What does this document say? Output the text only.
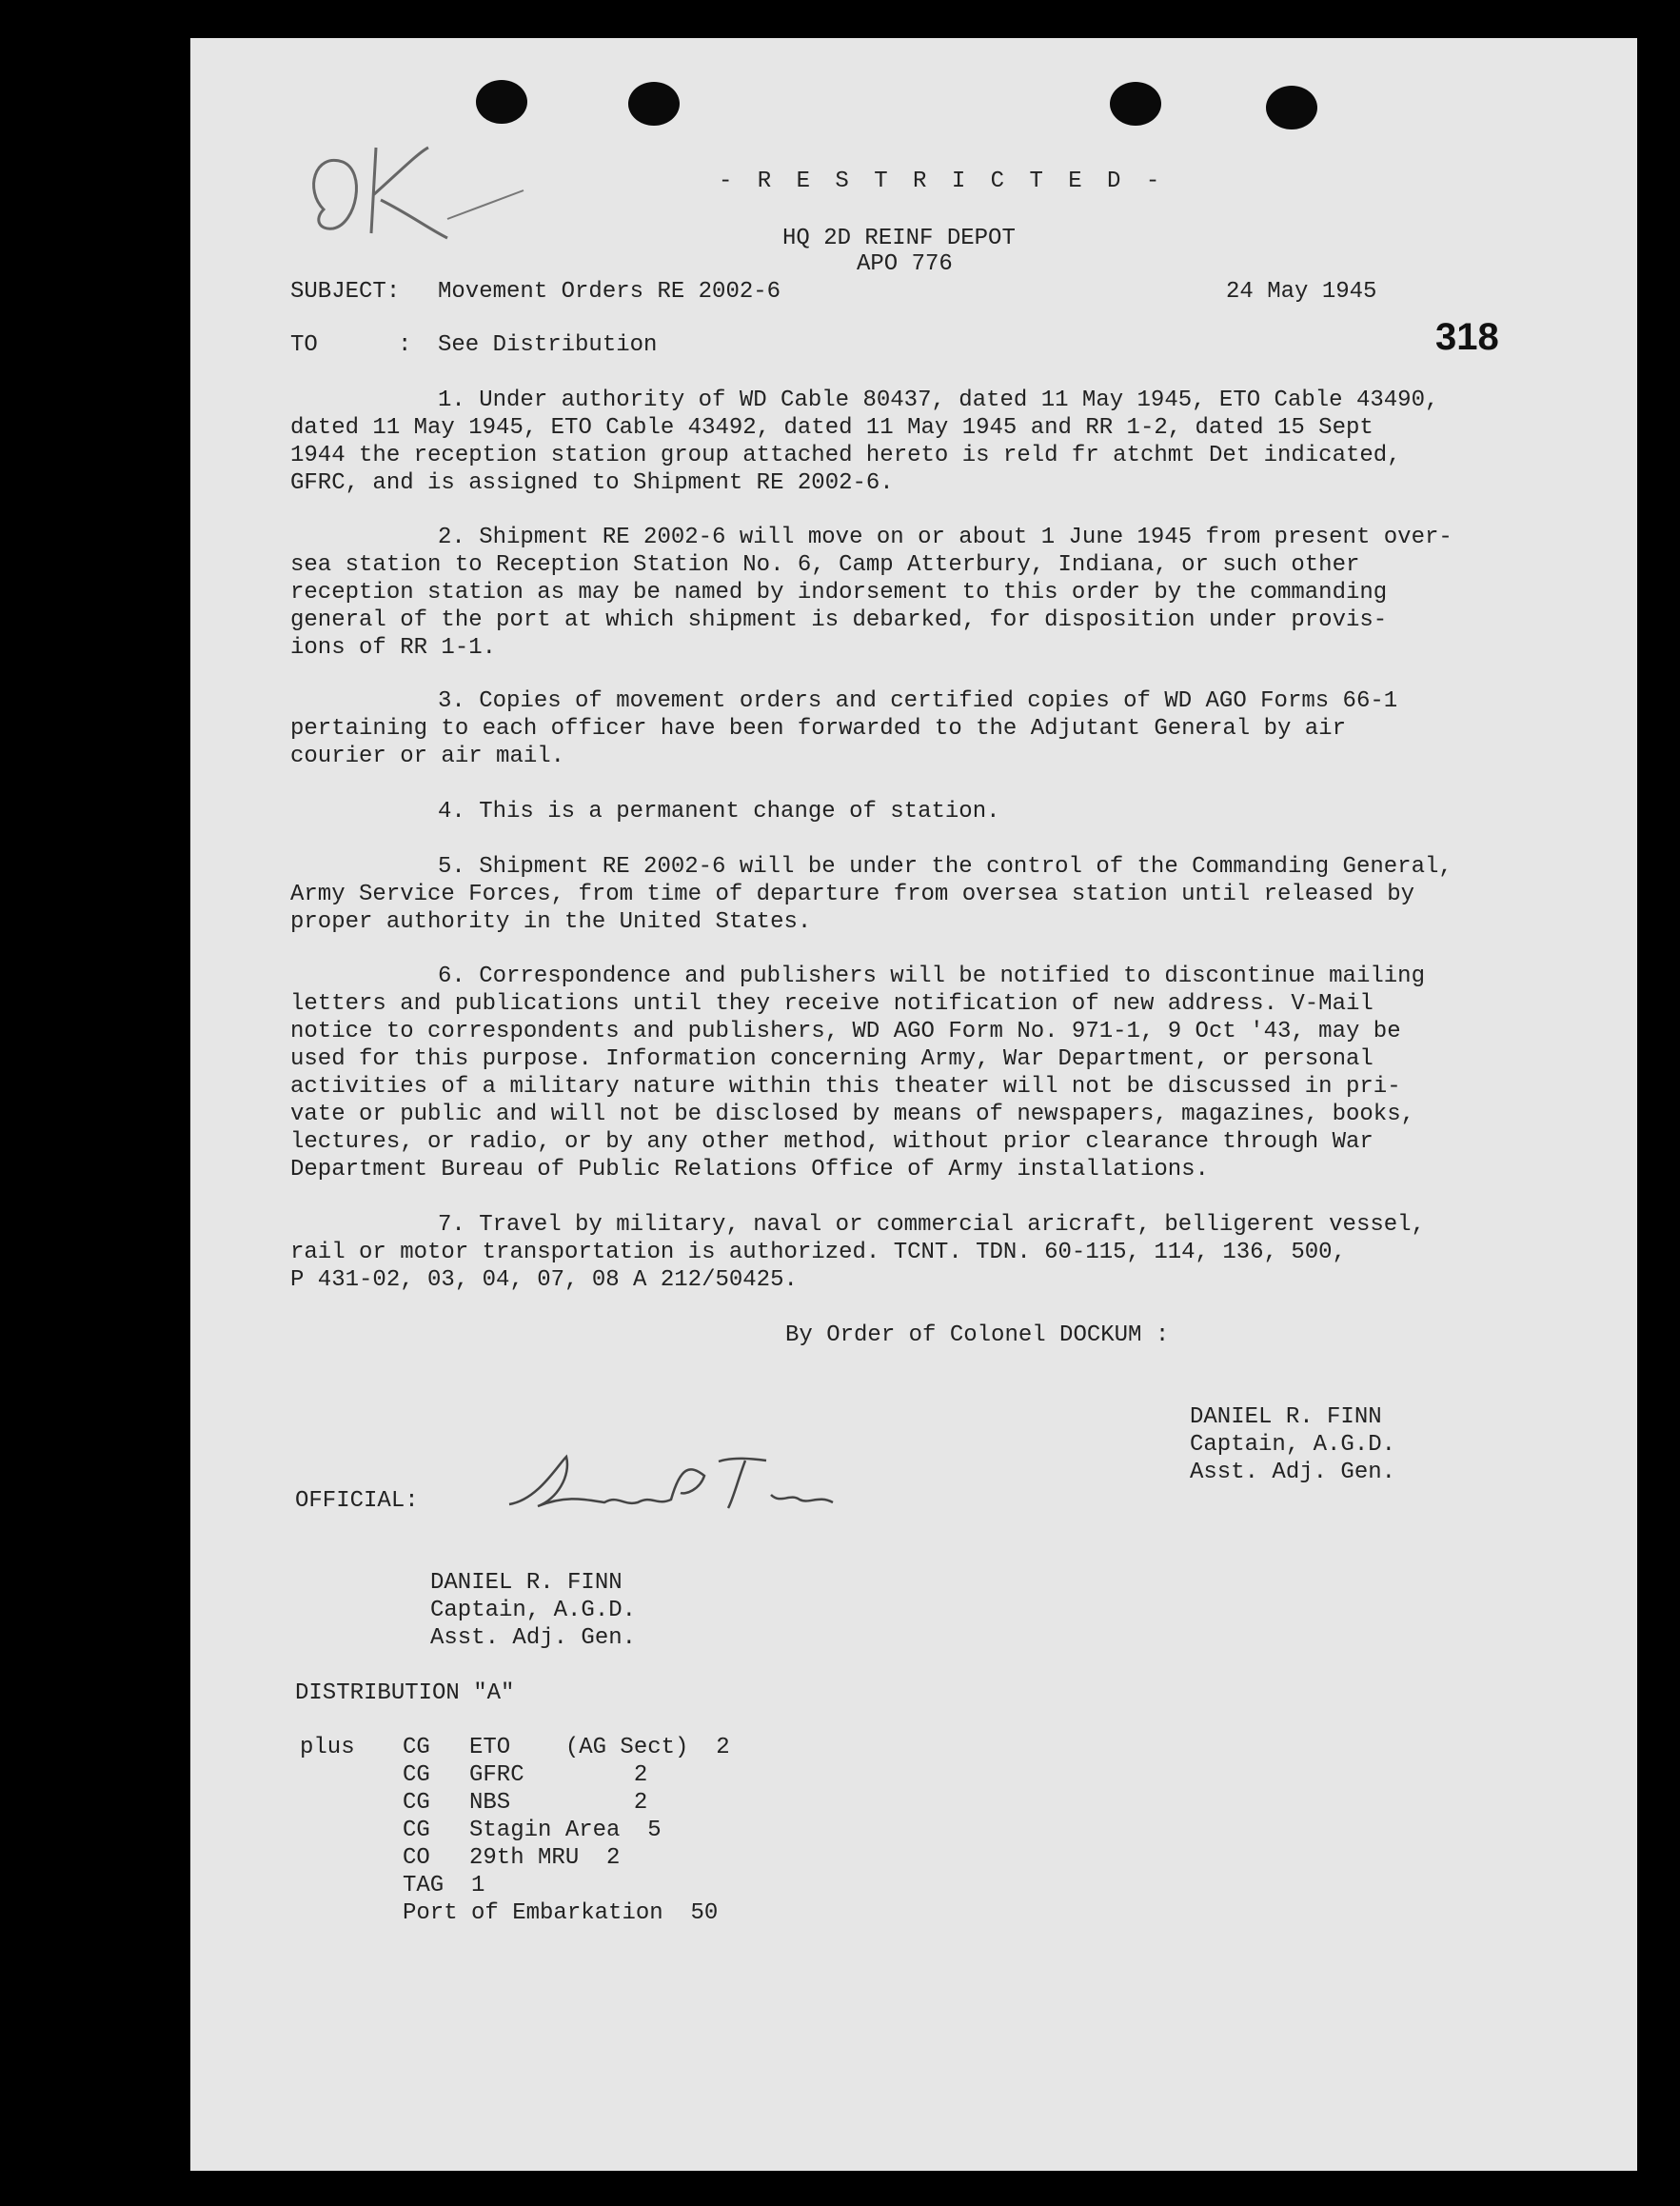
OK
- R E S T R I C T E D -
HQ 2D REINF DEPOT
APO 776
SUBJECT: Movement Orders RE 2002-6	24 May 1945
TO	: See Distribution	318
1. Under authority of WD Cable 80437, dated 11 May 1945, ETO Cable 43490,
dated 11 May 1945, ETO Cable 43492, dated 11 May 1945 and RR 1-2, dated 15 Sept
1944 the reception station group attached hereto is reld fr atchmt Det indicated,
GFRC, and is assigned to Shipment RE 2002-6.
2. Shipment RE 2002-6 will move on or about 1 June 1945 from present over-
sea station to Reception Station No. 6, Camp Atterbury, Indiana, or such other
reception station as may be named by indorsement to this order by the commanding
general of the port at which shipment is debarked, for disposition under provis-
ions of RR 1-1.
3. Copies of movement orders and certified copies of WD AGO Forms 66-1
pertaining to each officer have been forwarded to the Adjutant General by air
courier or air mail.
4. This is a permanent change of station.
5. Shipment RE 2002-6 will be under the control of the Commanding General,
Army Service Forces, from time of departure from oversea station until released by
proper authority in the United States.
6. Correspondence and publishers will be notified to discontinue mailing
letters and publications until they receive notification of new address. V-Mail
notice to correspondents and publishers, WD AGO Form No. 971-1, 9 Oct '43, may be
used for this purpose. Information concerning Army, War Department, or personal
activities of a military nature within this theater will not be discussed in pri-
vate or public and will not be disclosed by means of newspapers, magazines, books,
lectures, or radio, or by any other method, without prior clearance through War
Department Bureau of Public Relations Office of Army installations.
7. Travel by military, naval or commercial aricraft, belligerent vessel,
rail or motor transportation is authorized. TCNT. TDN. 60-115, 114, 136, 500,
P 431-02, 03, 04, 07, 08 A 212/50425.
By Order of Colonel DOCKUM :
DANIEL R. FINN
Captain, A.G.D.
Asst. Adj. Gen.
OFFICIAL:
Daniel R. Finn
DANIEL R. FINN
Captain, A.G.D.
Asst. Adj. Gen.
DISTRIBUTION "A"
plus	CG	ETO    (AG Sect)  2
	CG	GFRC        2
	CG	NBS         2
	CG	Stagin Area  5
	CO	29th MRU  2
	TAG  1	
	Port of Embarkation  50	
